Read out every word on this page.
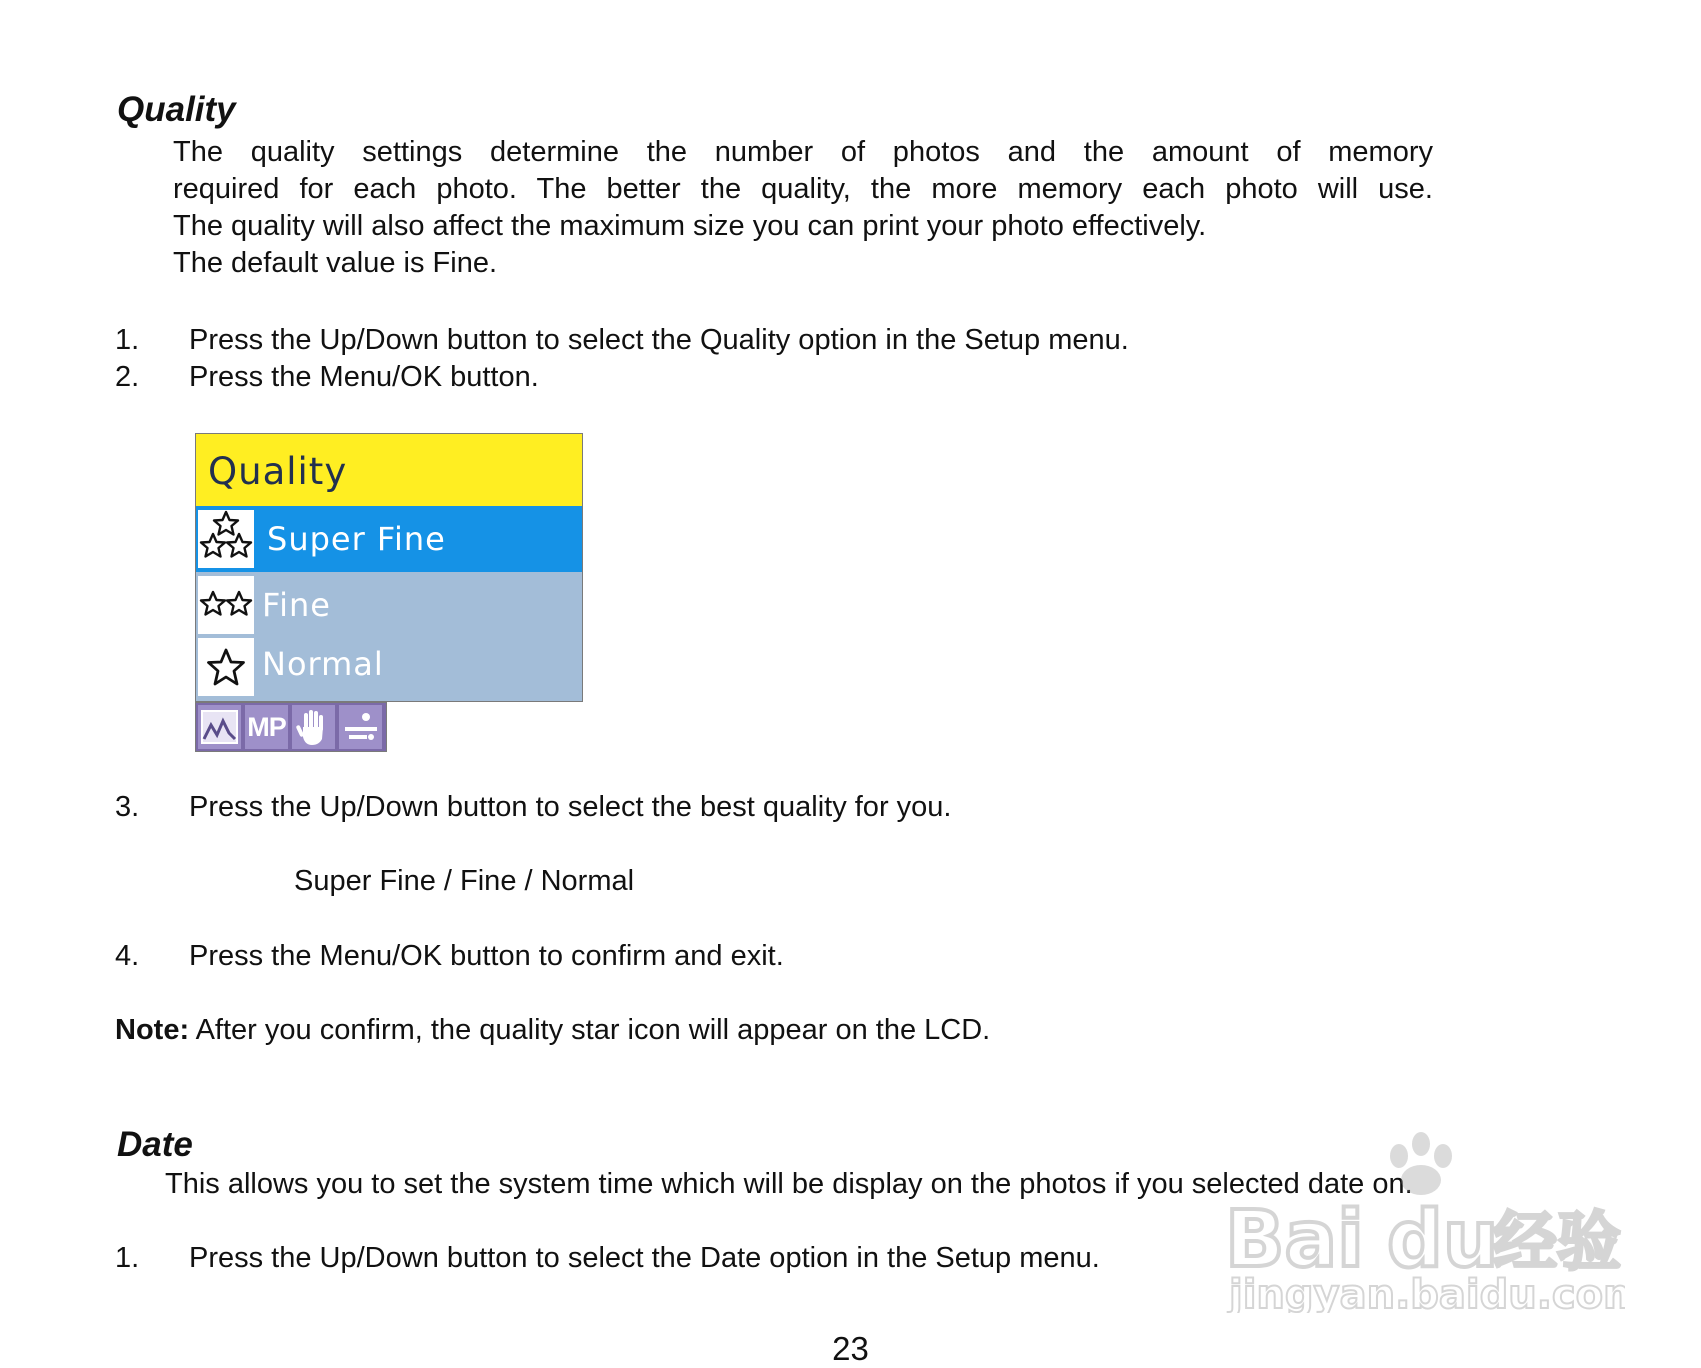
Quality
The quality settings determine the number of photos and the amount of memory
required for each photo. The better the quality, the more memory each photo will use.
The quality will also affect the maximum size you can print your photo effectively.
The default value is Fine.
1.	Press the Up/Down button to select the Quality option in the Setup menu.
2.	Press the Menu/OK button.
Quality
Super Fine
Fine
Normal
MP
3.	Press the Up/Down button to select the best quality for you.
Super Fine / Fine / Normal
4.	Press the Menu/OK button to confirm and exit.
Note: After you confirm, the quality star icon will appear on the LCD.
Date
This allows you to set the system time which will be display on the photos if you selected date on.
1.	Press the Up/Down button to select the Date option in the Setup menu. Bai du
经验
jingyan.baidu.com
23
